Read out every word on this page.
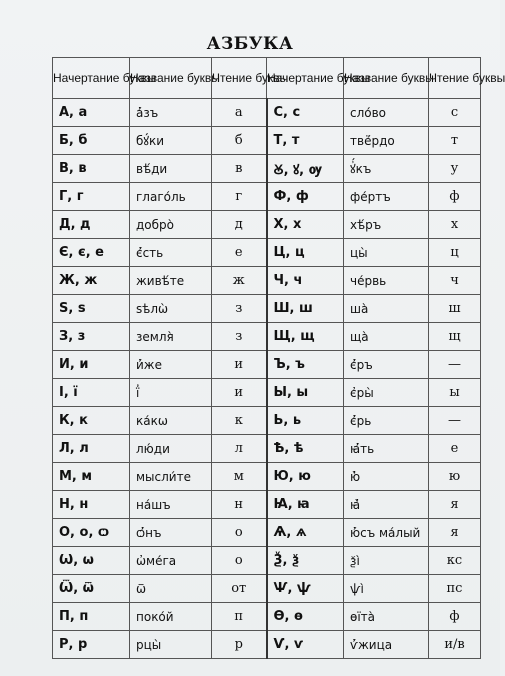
АЗБУКА
Начертание буквы	Название буквы	Чтение буквы	Начертание буквы	Название буквы	Чтение буквы
А, а	а҆́зъ	а	С, с	сло́во	с
Б, б	бꙋ́ки	б	Т, т	твё́рдо	т
В, в	вѣ́ди	в	Ꙋ, ꙋ, ѹ	ꙋ҆́къ	у
Г, г	глаго́ль	г	Ф, ф	фе́ртъ	ф
Д, д	добро̀	д	Х, х	хѣ́ръ	х
Є, є, е	є҆́сть	е	Ц, ц	цы̀	ц
Ж, ж	живѣ́те	ж	Ч, ч	че́рвь	ч
Ѕ, ѕ	ѕѣлѡ̀	з	Ш, ш	ша̀	ш
З, з	земля̀	з	Щ, щ	ща̀	щ
И, и	и҆́же	и	Ъ, ъ	є҆́ръ	—
І, ї	ї҆	и	Ы, ы	є҆ры̀	ы
К, к	ка́кѡ	к	Ь, ь	є҆́рь	—
Л, л	лю́ди	л	Ѣ, ѣ	ꙗ҆́ть	е
М, м	мысли́те	м	Ю, ю	ю҆̀	ю
Н, н	на́шъ	н	Ꙗ, ꙗ	ꙗ҆̀	я
О, о, ѻ	ѻ҆́нъ	о	Ѧ, ѧ	ю҆́съ ма́лый	я
Ѡ, ѡ	ѡ҆ме́га	о	Ѯ, ѯ	ѯі̀	кс
Ѿ, ѿ	ѿ	от	Ѱ, ѱ	ѱі̀	пс
П, п	поко́й	п	Ѳ, ѳ	ѳїта̀	ф
Р, р	рцы̀	р	Ѵ, ѵ	ѵ҆́жица	и/в
